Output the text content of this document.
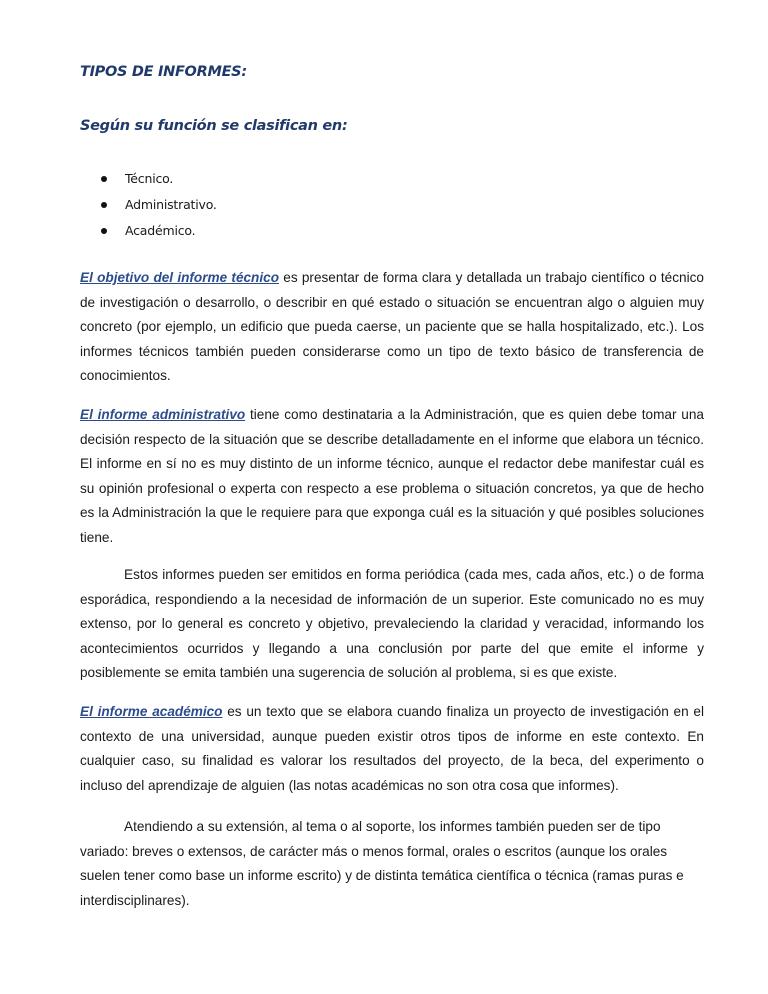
TIPOS DE INFORMES:
Según su función se clasifican en:
Técnico.
Administrativo.
Académico.

El objetivo del informe técnico es presentar de forma clara y detallada un trabajo científico o técnico de investigación o desarrollo, o describir en qué estado o situación se encuentran algo o alguien muy concreto (por ejemplo, un edificio que pueda caerse, un paciente que se halla hospitalizado, etc.). Los informes técnicos también pueden considerarse como un tipo de texto básico de transferencia de conocimientos.

El informe administrativo tiene como destinataria a la Administración, que es quien debe tomar una decisión respecto de la situación que se describe detalladamente en el informe que elabora un técnico. El informe en sí no es muy distinto de un informe técnico, aunque el redactor debe manifestar cuál es su opinión profesional o experta con respecto a ese problema o situación concretos, ya que de hecho es la Administración la que le requiere para que exponga cuál es la situación y qué posibles soluciones tiene.

Estos informes pueden ser emitidos en forma periódica (cada mes, cada años, etc.) o de forma esporádica, respondiendo a la necesidad de información de un superior. Este comunicado no es muy extenso, por lo general es concreto y objetivo, prevaleciendo la claridad y veracidad, informando los acontecimientos ocurridos y llegando a una conclusión por parte del que emite el informe y posiblemente se emita también una sugerencia de solución al problema, si es que existe.

El informe académico es un texto que se elabora cuando finaliza un proyecto de investigación en el contexto de una universidad, aunque pueden existir otros tipos de informe en este contexto. En cualquier caso, su finalidad es valorar los resultados del proyecto, de la beca, del experimento o incluso del aprendizaje de alguien (las notas académicas no son otra cosa que informes).

Atendiendo a su extensión, al tema o al soporte, los informes también pueden ser de tipo variado: breves o extensos, de carácter más o menos formal, orales o escritos (aunque los orales suelen tener como base un informe escrito) y de distinta temática científica o técnica (ramas puras e interdisciplinares).
